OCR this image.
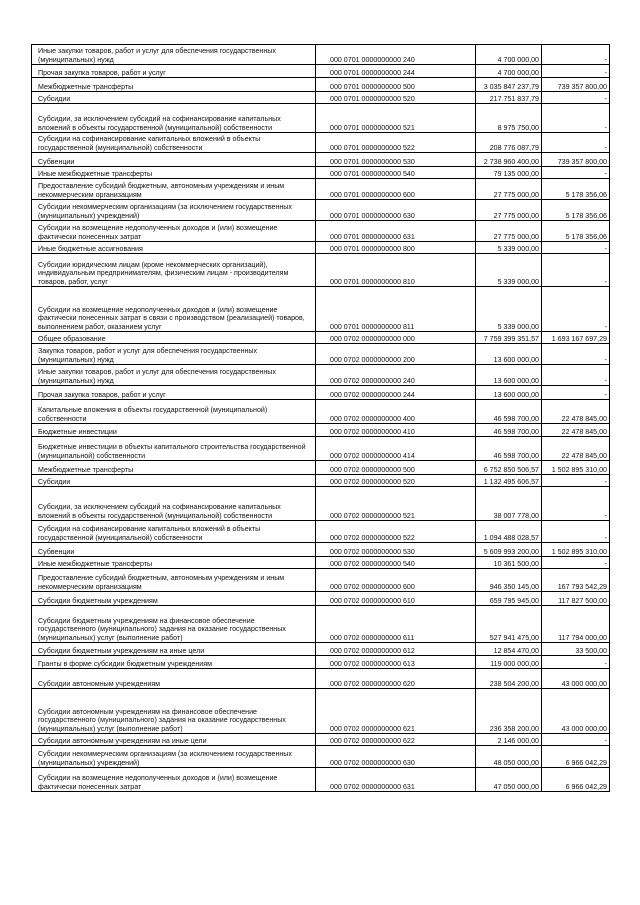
Иные закупки товаров, работ и услуг для обеспечения государственных (муниципальных) нужд	000 0701 0000000000 240	4 700 000,00	-
Прочая закупка товаров, работ и услуг	000 0701 0000000000 244	4 700 000,00	-
Межбюджетные трансферты	000 0701 0000000000 500	3 035 847 237,79	739 357 800,00
Субсидии	000 0701 0000000000 520	217 751 837,79	-
Субсидии, за исключением субсидий на софинансирование капитальных вложений в объекты государственной (муниципальной) собственности	000 0701 0000000000 521	8 975 750,00	-
Субсидии на софинансирование капитальных вложений в объекты государственной (муниципальной) собственности	000 0701 0000000000 522	208 776 087,79	-
Субвенции	000 0701 0000000000 530	2 738 960 400,00	739 357 800,00
Иные межбюджетные трансферты	000 0701 0000000000 540	79 135 000,00	-
Предоставление субсидий бюджетным, автономным учреждениям и иным некоммерческим организациям	000 0701 0000000000 600	27 775 000,00	5 178 356,06
Субсидии некоммерческим организациям (за исключением государственных (муниципальных) учреждений)	000 0701 0000000000 630	27 775 000,00	5 178 356,06
Субсидии на возмещение недополученных доходов и (или) возмещение фактически понесенных затрат	000 0701 0000000000 631	27 775 000,00	5 178 356,06
Иные бюджетные ассигнования	000 0701 0000000000 800	5 339 000,00	-
Субсидии юридическим лицам (кроме некоммерческих организаций), индивидуальным предпринимателям, физическим лицам - производителям товаров, работ, услуг	000 0701 0000000000 810	5 339 000,00	-
Субсидии на возмещение недополученных доходов и (или) возмещение фактически понесенных затрат в связи с производством (реализацией) товаров, выполнением работ, оказанием услуг	000 0701 0000000000 811	5 339 000,00	-
Общее образование	000 0702 0000000000 000	7 759 399 351,57	1 693 167 697,29
Закупка товаров, работ и услуг для обеспечения государственных (муниципальных) нужд	000 0702 0000000000 200	13 600 000,00	-
Иные закупки товаров, работ и услуг для обеспечения государственных (муниципальных) нужд	000 0702 0000000000 240	13 600 000,00	-
Прочая закупка товаров, работ и услуг	000 0702 0000000000 244	13 600 000,00	-
Капитальные вложения в объекты государственной (муниципальной) собственности	000 0702 0000000000 400	46 598 700,00	22 478 845,00
Бюджетные инвестиции	000 0702 0000000000 410	46 598 700,00	22 478 845,00
Бюджетные инвестиции в объекты капитального строительства государственной (муниципальной) собственности	000 0702 0000000000 414	46 598 700,00	22 478 845,00
Межбюджетные трансферты	000 0702 0000000000 500	6 752 850 506,57	1 502 895 310,00
Субсидии	000 0702 0000000000 520	1 132 495 606,57	-
Субсидии, за исключением субсидий на софинансирование капитальных вложений в объекты государственной (муниципальной) собственности	000 0702 0000000000 521	38 007 778,00	-
Субсидии на софинансирование капитальных вложений в объекты государственной (муниципальной) собственности	000 0702 0000000000 522	1 094 488 028,57	-
Субвенции	000 0702 0000000000 530	5 609 993 200,00	1 502 895 310,00
Иные межбюджетные трансферты	000 0702 0000000000 540	10 361 500,00	-
Предоставление субсидий бюджетным, автономным учреждениям и иным некоммерческим организациям	000 0702 0000000000 600	946 350 145,00	167 793 542,29
Субсидии бюджетным учреждениям	000 0702 0000000000 610	659 795 945,00	117 827 500,00
Субсидии бюджетным учреждениям на финансовое обеспечение государственного (муниципального) задания на оказание государственных (муниципальных) услуг (выполнение работ)	000 0702 0000000000 611	527 941 475,00	117 794 000,00
Субсидии бюджетным учреждениям на иные цели	000 0702 0000000000 612	12 854 470,00	33 500,00
Гранты в форме субсидии бюджетным учреждениям	000 0702 0000000000 613	119 000 000,00	-
Субсидии автономным учреждениям	000 0702 0000000000 620	238 504 200,00	43 000 000,00
Субсидии автономным учреждениям на финансовое обеспечение государственного (муниципального) задания на оказание государственных (муниципальных) услуг (выполнение работ)	000 0702 0000000000 621	236 358 200,00	43 000 000,00
Субсидии автономным учреждениям на иные цели	000 0702 0000000000 622	2 146 000,00	-
Субсидии некоммерческим организациям (за исключением государственных (муниципальных) учреждений)	000 0702 0000000000 630	48 050 000,00	6 966 042,29
Субсидии на возмещение недополученных доходов и (или) возмещение фактически понесенных затрат	000 0702 0000000000 631	47 050 000,00	6 966 042,29
